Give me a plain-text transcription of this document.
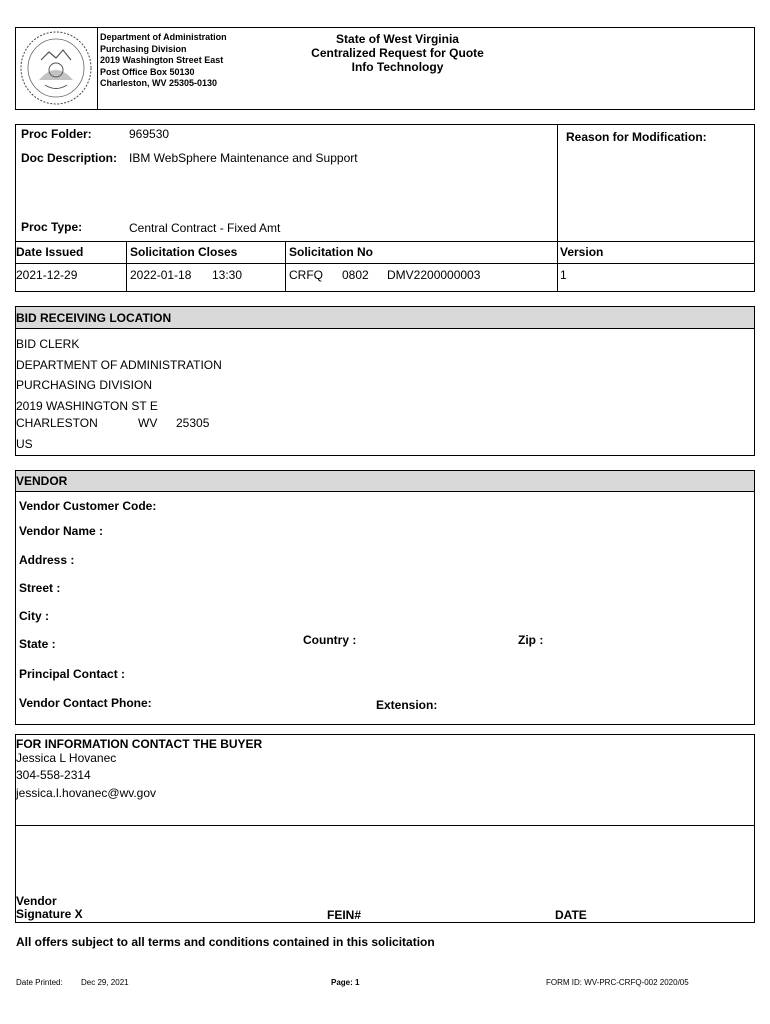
Department of Administration
Purchasing Division
2019 Washington Street East
Post Office Box 50130
Charleston, WV 25305-0130
State of West Virginia
Centralized Request for Quote
Info Technology
Proc Folder:	969530	Reason for Modification:
Doc Description: IBM WebSphere Maintenance and Support
Proc Type:	Central Contract - Fixed Amt
Date Issued	Solicitation Closes	Solicitation No	Version
2021-12-29	2022-01-18 13:30	CRFQ 0802 DMV2200000003	1
BID RECEIVING LOCATION
BID CLERK
DEPARTMENT OF ADMINISTRATION
PURCHASING DIVISION
2019 WASHINGTON ST E
CHARLESTON	WV 25305
US
VENDOR
Vendor Customer Code:
Vendor Name :
Address :
Street :
City :
State :	Country :	Zip :
Principal Contact :
Vendor Contact Phone:	Extension:
FOR INFORMATION CONTACT THE BUYER
Jessica L Hovanec
304-558-2314
jessica.l.hovanec@wv.gov
Vendor
Signature X	FEIN#	DATE
All offers subject to all terms and conditions contained in this solicitation
Date Printed: Dec 29, 2021	Page: 1	FORM ID: WV-PRC-CRFQ-002 2020/05
